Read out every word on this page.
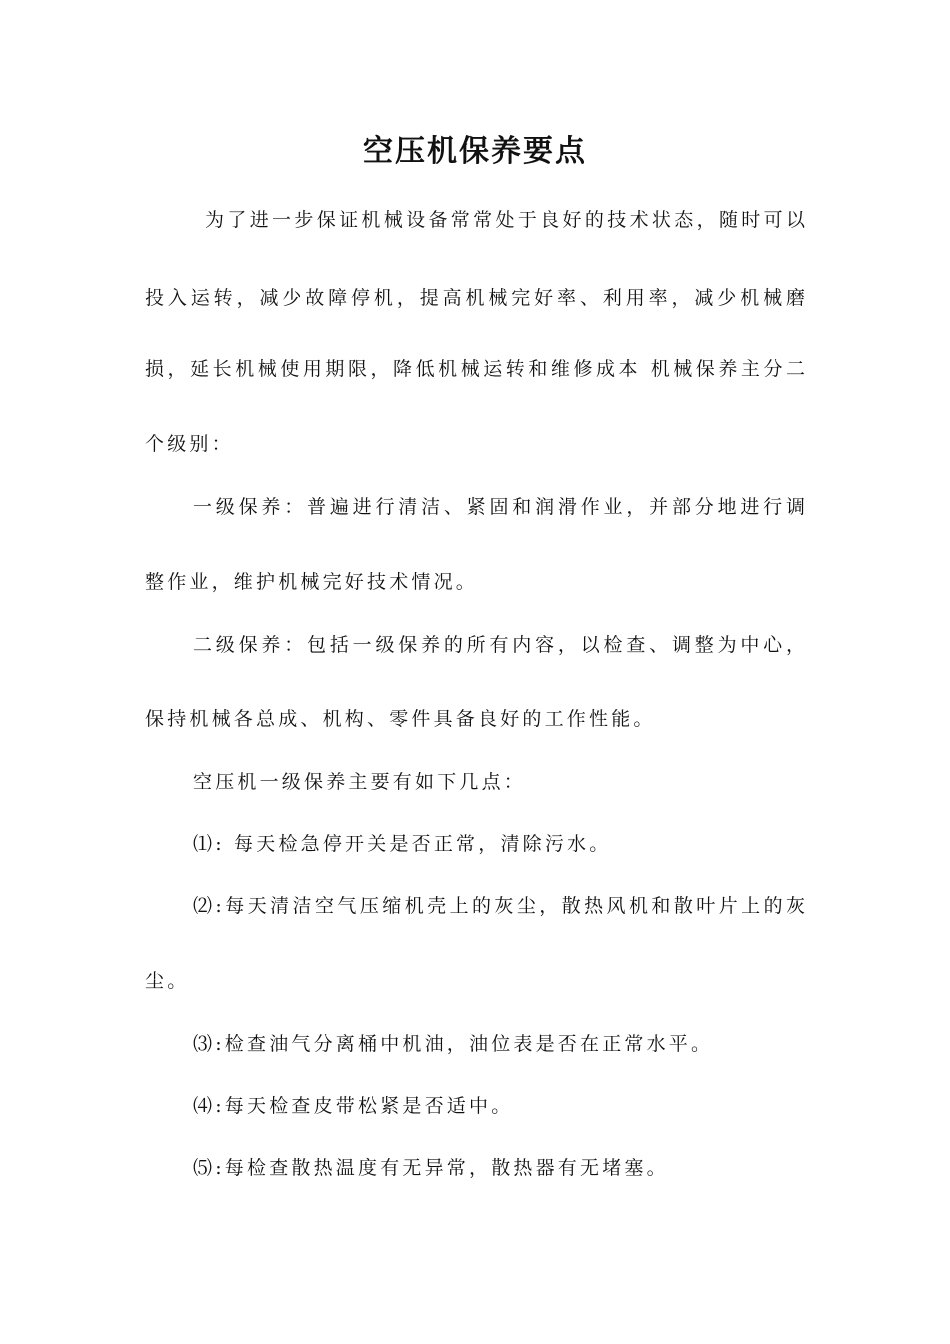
空压机保养要点

为了进一步保证机械设备常常处于良好的技术状态，随时可以

投入运转，减少故障停机，提高机械完好率、利用率，减少机械磨

损，延长机械使用期限，降低机械运转和维修成本 机械保养主分二

个级别：

一级保养：普遍进行清洁、紧固和润滑作业，并部分地进行调

整作业，维护机械完好技术情况。

二级保养：包括一级保养的所有内容，以检查、调整为中心，

保持机械各总成、机构、零件具备良好的工作性能。

空压机一级保养主要有如下几点：

⑴: 每天检急停开关是否正常，清除污水。

⑵:每天清洁空气压缩机壳上的灰尘，散热风机和散叶片上的灰

尘。

⑶:检查油气分离桶中机油，油位表是否在正常水平。

⑷:每天检查皮带松紧是否适中。

⑸:每检查散热温度有无异常，散热器有无堵塞。
